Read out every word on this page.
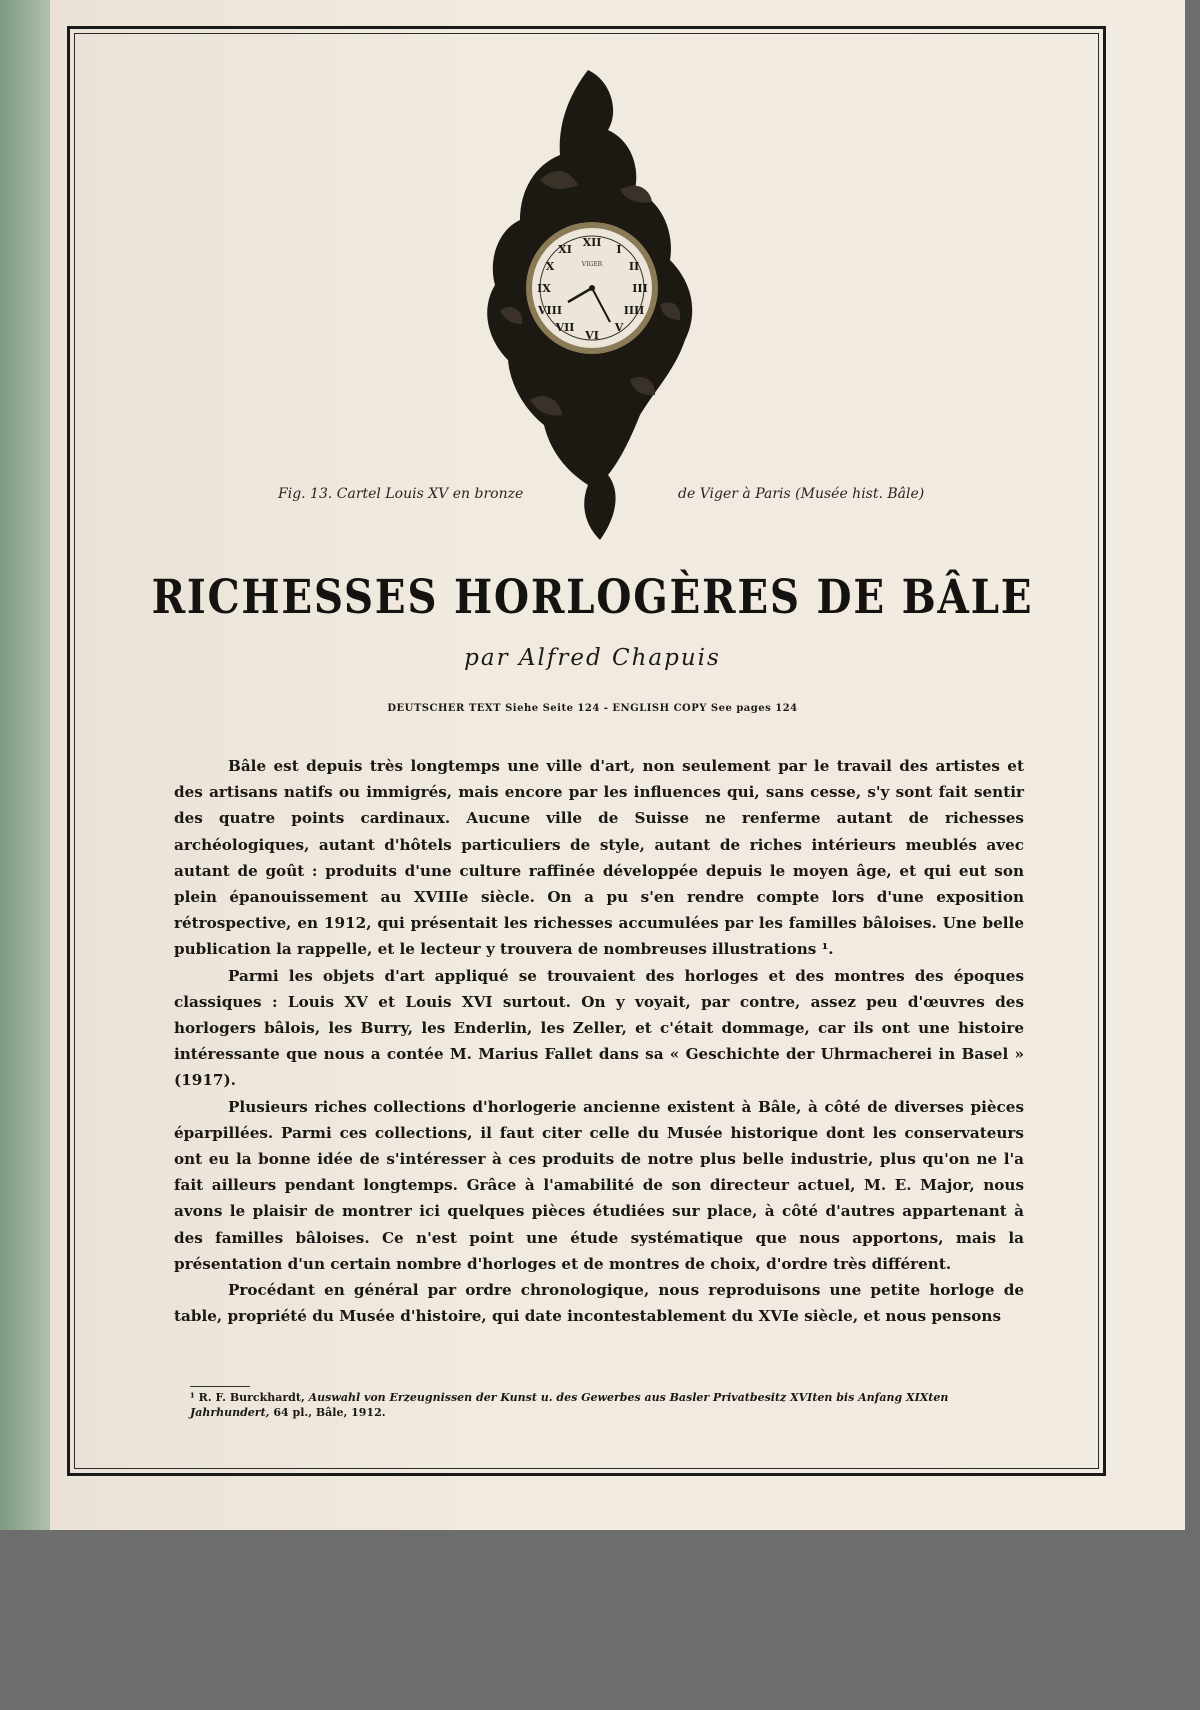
XII
I
II
III
IIII
V
VI
VII
VIII
IX
X
XI
VIGER
Fig. 13. Cartel Louis XV en bronze	de Viger à Paris (Musée hist. Bâle)
RICHESSES HORLOGÈRES DE BÂLE
par Alfred Chapuis
DEUTSCHER TEXT Siehe Seite 124 - ENGLISH COPY See pages 124

Bâle est depuis très longtemps une ville d'art, non seulement par le travail des artistes et des artisans natifs ou immigrés, mais encore par les influences qui, sans cesse, s'y sont fait sentir des quatre points cardinaux. Aucune ville de Suisse ne renferme autant de richesses archéologiques, autant d'hôtels particuliers de style, autant de riches intérieurs meublés avec autant de goût : produits d'une culture raffinée développée depuis le moyen âge, et qui eut son plein épanouissement au XVIIIe siècle. On a pu s'en rendre compte lors d'une exposition rétrospective, en 1912, qui présentait les richesses accumulées par les familles bâloises. Une belle publication la rappelle, et le lecteur y trouvera de nombreuses illustrations ¹.

Parmi les objets d'art appliqué se trouvaient des horloges et des montres des époques classiques : Louis XV et Louis XVI surtout. On y voyait, par contre, assez peu d'œuvres des horlogers bâlois, les Burry, les Enderlin, les Zeller, et c'était dommage, car ils ont une histoire intéressante que nous a contée M. Marius Fallet dans sa « Geschichte der Uhrmacherei in Basel » (1917).

Plusieurs riches collections d'horlogerie ancienne existent à Bâle, à côté de diverses pièces éparpillées. Parmi ces collections, il faut citer celle du Musée historique dont les conservateurs ont eu la bonne idée de s'intéresser à ces produits de notre plus belle industrie, plus qu'on ne l'a fait ailleurs pendant longtemps. Grâce à l'amabilité de son directeur actuel, M. E. Major, nous avons le plaisir de montrer ici quelques pièces étudiées sur place, à côté d'autres appartenant à des familles bâloises. Ce n'est point une étude systématique que nous apportons, mais la présentation d'un certain nombre d'horloges et de montres de choix, d'ordre très différent.

Procédant en général par ordre chronologique, nous reproduisons une petite horloge de table, propriété du Musée d'histoire, qui date incontestablement du XVIe siècle, et nous pensons

¹ R. F. Burckhardt, Auswahl von Erzeugnissen der Kunst u. des Gewerbes aus Basler Privatbesitz XVIten bis Anfang XIXten Jahrhundert, 64 pl., Bâle, 1912.
